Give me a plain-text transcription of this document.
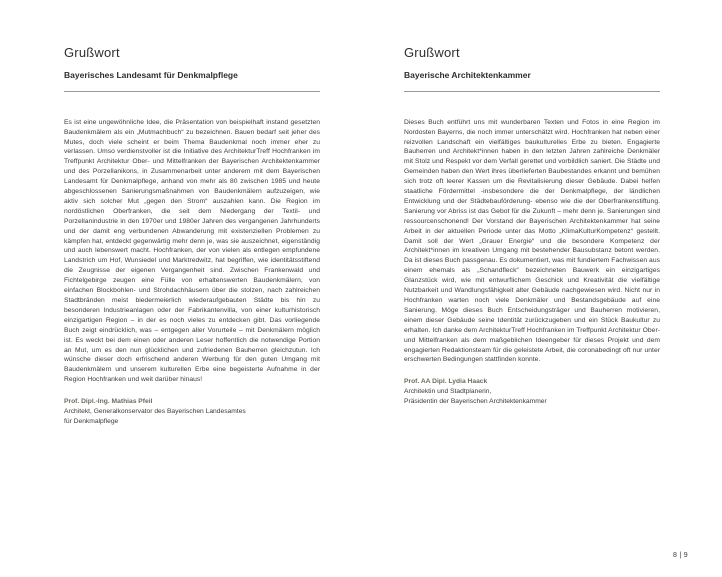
Grußwort
Bayerisches Landesamt für Denkmalpflege

Es ist eine ungewöhnliche Idee, die Präsentation von beispielhaft instand gesetzten Baudenkmälern als ein „Mutmachbuch“ zu bezeichnen. Bauen bedarf seit jeher des Mutes, doch viele scheint er beim Thema Baudenkmal noch immer eher zu verlassen. Umso verdienstvoller ist die Initiative des ArchitekturTreff Hochfranken im Treffpunkt Architektur Ober- und Mittelfranken der Bayerischen Architektenkammer und des Porzellanikons, in Zusammenarbeit unter anderem mit dem Bayerischen Landesamt für Denkmalpflege, anhand von mehr als 80 zwischen 1985 und heute abgeschlossenen Sanierungsmaßnahmen von Baudenkmälern aufzuzeigen, wie aktiv sich solcher Mut „gegen den Strom“ auszahlen kann. Die Region im nordöstlichen Oberfranken, die seit dem Niedergang der Textil- und Porzellanindustrie in den 1970er und 1980er Jahren des vergangenen Jahrhunderts und der damit eng verbundenen Abwanderung mit existenziellen Problemen zu kämpfen hat, entdeckt gegenwärtig mehr denn je, was sie auszeichnet, eigenständig und auch lebenswert macht. Hochfranken, der von vielen als entlegen empfundene Landstrich um Hof, Wunsiedel und Marktredwitz, hat begriffen, wie identitätsstiftend die Zeugnisse der eigenen Vergangenheit sind. Zwischen Frankenwald und Fichtelgebirge zeugen eine Fülle von erhaltenswerten Baudenkmälern, von einfachen Blockbohlen- und Strohdachhäusern über die stolzen, nach zahlreichen Stadtbränden meist biedermeierlich wiederaufgebauten Städte bis hin zu besonderen Industrieanlagen oder der Fabrikantenvilla, von einer kulturhistorisch einzigartigen Region – in der es noch vieles zu entdecken gibt. Das vorliegende Buch zeigt eindrücklich, was – entgegen aller Vorurteile – mit Denkmälern möglich ist. Es weckt bei dem einen oder anderen Leser hoffentlich die notwendige Portion an Mut, um es den nun glücklichen und zufriedenen Bauherren gleichzutun. Ich wünsche dieser doch erfrischend anderen Werbung für den guten Umgang mit Baudenkmälern und unserem kulturellen Erbe eine begeisterte Aufnahme in der Region Hochfranken und weit darüber hinaus!

Prof. Dipl.-Ing. Mathias Pfeil
Architekt, Generalkonservator des Bayerischen Landesamtes
für Denkmalpflege
Grußwort
Bayerische Architektenkammer

Dieses Buch entführt uns mit wunderbaren Texten und Fotos in eine Region im Nordosten Bayerns, die noch immer unterschätzt wird. Hochfranken hat neben einer reizvollen Landschaft ein vielfältiges baukulturelles Erbe zu bieten. Engagierte Bauherren und Architekt*innen haben in den letzten Jahren zahlreiche Denkmäler mit Stolz und Respekt vor dem Verfall gerettet und vorbildlich saniert. Die Städte und Gemeinden haben den Wert ihres überlieferten Baubestandes erkannt und bemühen sich trotz oft leerer Kassen um die Revitalisierung dieser Gebäude. Dabei helfen staatliche Fördermittel -insbesondere die der Denkmalpflege, der ländlichen Entwicklung und der Städtebauförderung- ebenso wie die der Oberfrankenstiftung. Sanierung vor Abriss ist das Gebot für die Zukunft – mehr denn je. Sanierungen sind ressourcenschonend! Der Vorstand der Bayerischen Architektenkammer hat seine Arbeit in der aktuellen Periode unter das Motto „KlimaKulturKompetenz“ gestellt. Damit soll der Wert „Grauer Energie“ und die besondere Kompetenz der Architekt*innen im kreativen Umgang mit bestehender Bausubstanz betont werden. Da ist dieses Buch passgenau. Es dokumentiert, was mit fundiertem Fachwissen aus einem ehemals als „Schandfleck“ bezeichneten Bauwerk ein einzigartiges Glanzstück wird, wie mit entwurflichem Geschick und Kreativität die vielfältige Nutzbarkeit und Wandlungsfähigkeit alter Gebäude nachgewiesen wird. Nicht nur in Hochfranken warten noch viele Denkmäler und Bestandsgebäude auf eine Sanierung. Möge dieses Buch Entscheidungsträger und Bauherren motivieren, einem dieser Gebäude seine Identität zurückzugeben und ein Stück Baukultur zu erhalten. Ich danke dem ArchitekturTreff Hochfranken im Treffpunkt Architektur Ober- und Mittelfranken als dem maßgeblichen Ideengeber für dieses Projekt und dem engagierten Redaktionsteam für die geleistete Arbeit, die coronabedingt oft nur unter erschwerten Bedingungen stattfinden konnte.

Prof. AA Dipl. Lydia Haack
Architektin und Stadtplanerin,
Präsidentin der Bayerischen Architektenkammer
8 | 9
